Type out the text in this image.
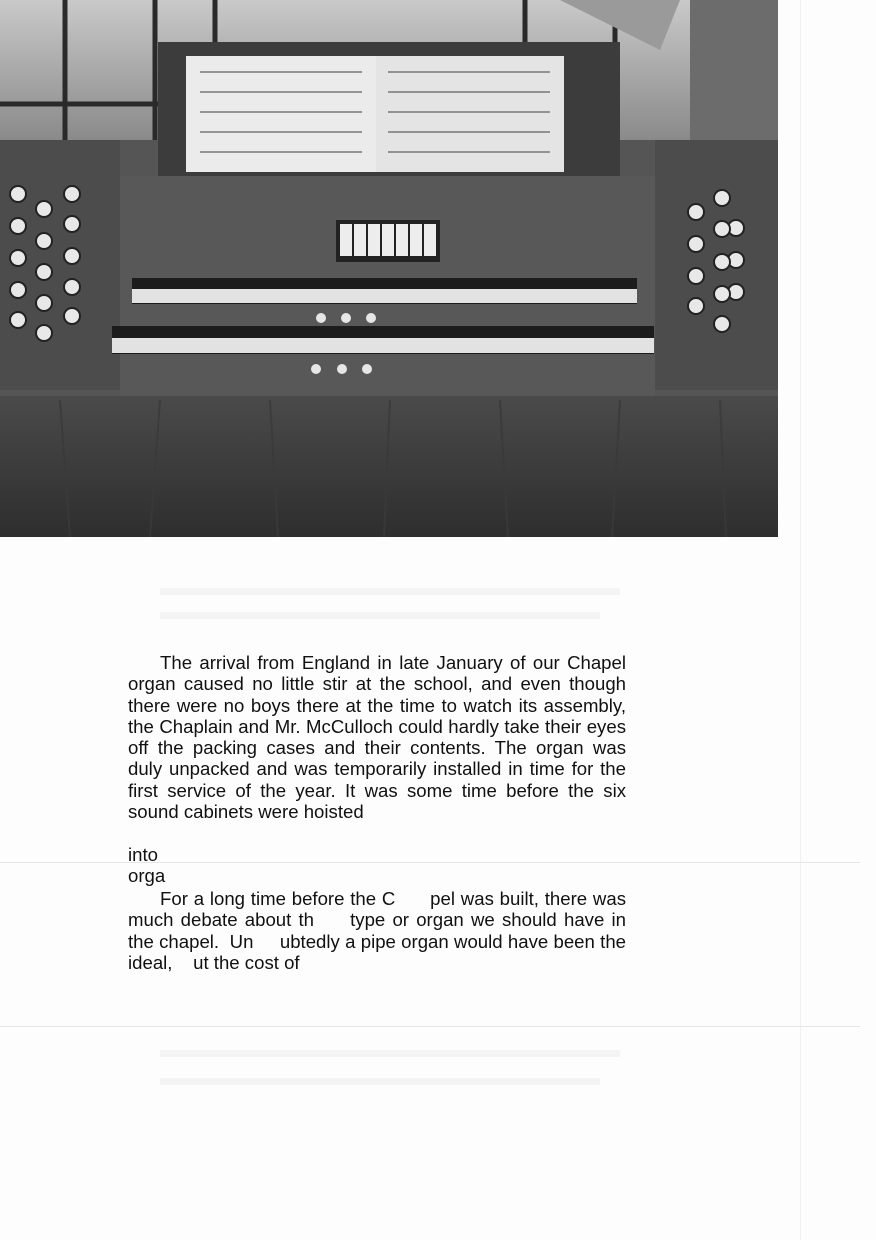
The arrival from England in late January of our Chapel organ caused no little stir at the school, and even though there were no boys there at the time to watch its assembly, the Chaplain and Mr. McCulloch could hardly take their eyes off the packing cases and their contents. The organ was duly unpacked and was temporarily installed in time for the first service of the year. It was some time before the six sound cabinets were hoisted

into
orga

For a long time before the C      pel was built, there was much debate about th     type or organ we should have in the chapel.  Un     ubtedly a pipe organ would have been the ideal,    ut the cost of
